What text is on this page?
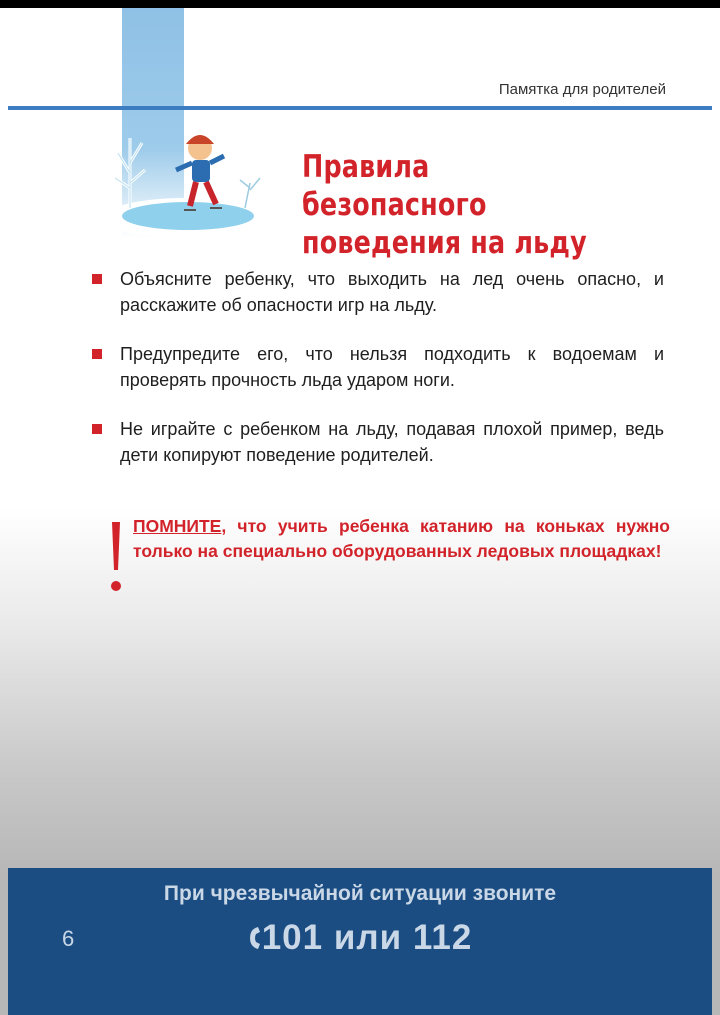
Памятка для родителей
Правила безопасного
поведения на льду
Объясните ребенку, что выходить на лед очень опасно, и расскажите об опасности игр на льду.
Предупредите его, что нельзя подходить к водоемам и проверять прочность льда ударом ноги.
Не играйте с ребенком на льду, подавая плохой пример, ведь дети копируют поведение родителей.
ПОМНИТЕ, что учить ребенка катанию на коньках нужно только на специально оборудованных ледовых площадках!
6
При чрезвычайной ситуации звоните
101 или 112
